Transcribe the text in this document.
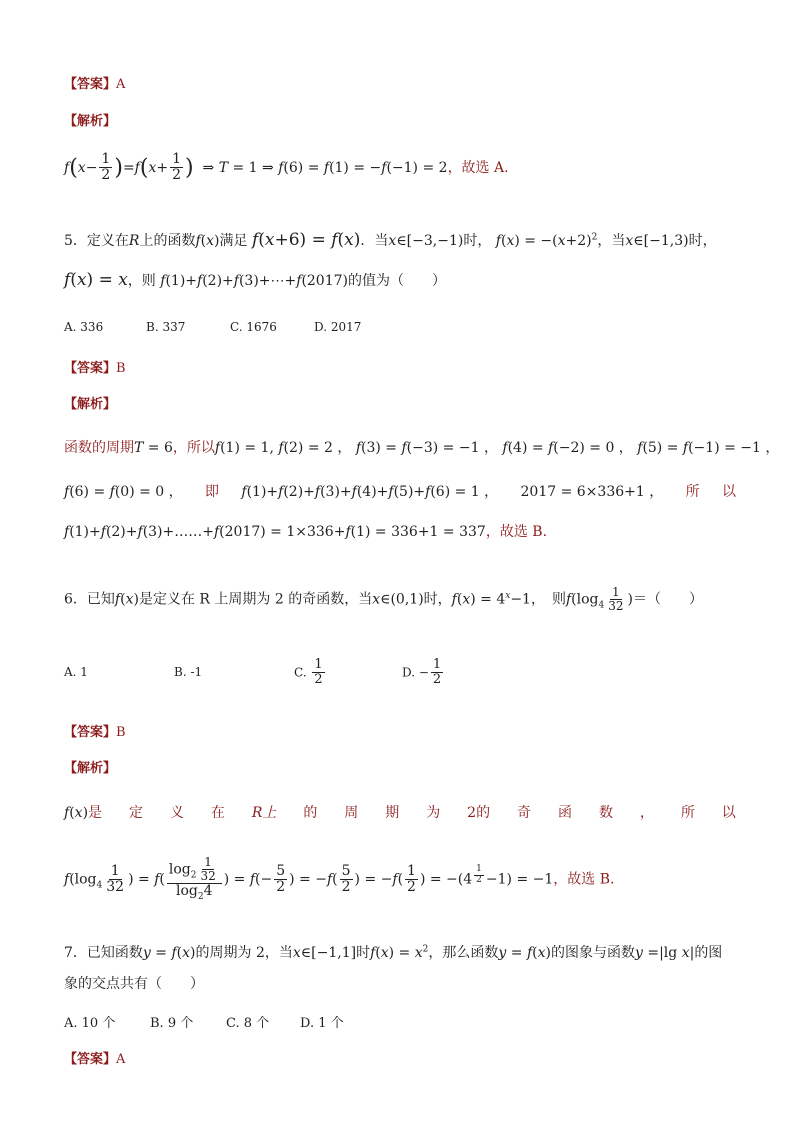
【答案】A
【解析】
$f(x- \frac{1}{2} )=f(x+ \frac{1}{2}$ )  ⇒ T = 1 ⇒ f(6) = f(1) = −f(−1) = 2，故选 A.
5．定义在R上的函数f(x)满足 f(x+6) = f(x)．当x∈[−3,−1)时， $f(x) = -(x+2)^2$，当x∈[−1,3)时，
f(x) = x，则 f(1)+f(2)+f(3)+⋯+f(2017)的值为（　　）
A. 336	B. 337	C. 1676	D. 2017
【答案】B
【解析】
函数的周期T = 6，所以f(1) = 1, f(2) = 2 ， f(3) = f(−3) = −1 ， f(4) = f(−2) = 0 ， f(5) = f(−1) = −1 ，
f(6) = f(0) = 0 ， 即 f(1)+f(2)+f(3)+f(4)+f(5)+f(6) = 1 ， 2017 = 6×336+1 ， 所 以
f(1)+f(2)+f(3)+……+f(2017) = 1×336+f(1) = 336+1 = 337，故选 B.
6．已知f(x)是定义在 R 上周期为 2 的奇函数，当x∈(0,1)时，$f(x) = 4^x-1$，　则$f(\log_4 \frac{1}{32}$ )＝（　　）
A. 1	B. -1	C. $\frac{1}{2}$	D. − $\frac{1}{2}$
【答案】B
【解析】
f(x)是 定 义 在 R上 的 周 期 为 2的 奇 函 数 ， 所 以
$f(\log_4 \frac{1}{32}$ ) = $f( \frac{\log_2 \frac{1}{32}}{\log_24}$ ) = $f(- \frac{5}{2}$ ) = $-f( \frac{5}{2}$ ) = $-f( \frac{1}{2}$ ) = −(4 $^{\frac{1}{2}}$ −1) = −1，故选 B.
7．已知函数y = f(x)的周期为 2，当x∈[−1,1]时$f(x) = x^2$，那么函数y = f(x)的图象与函数y =|lg x|的图
象的交点共有（　　）
A. 10 个	B. 9 个	C. 8 个 D. 1 个
【答案】A
